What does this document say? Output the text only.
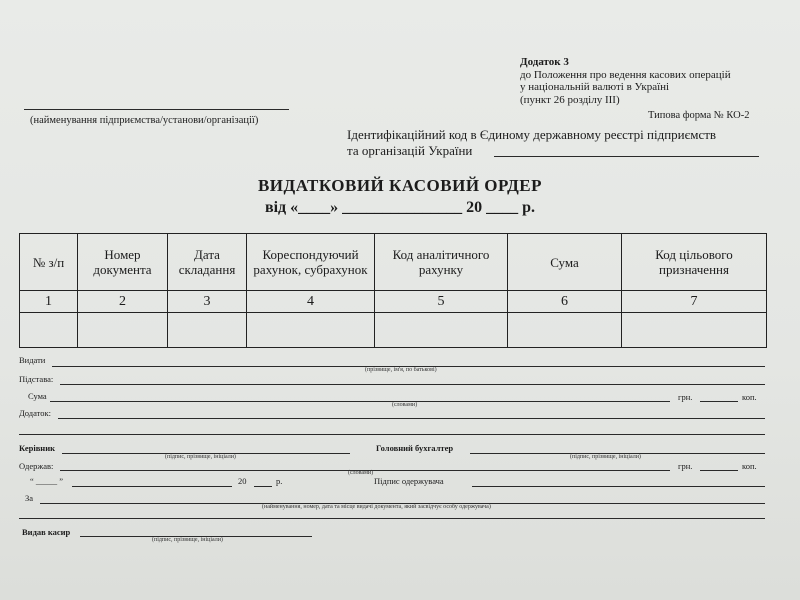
Додаток 3
до Положення про ведення касових операцій
у національній валюті в Україні
(пункт 26 розділу ІІІ)
(найменування підприємства/установи/організації)	Типова форма № КО-2
Ідентифікаційний код в Єдиному державному реєстрі підприємств
та організацій України
ВИДАТКОВИЙ КАСОВИЙ ОРДЕР
від «____» _______________ 20 ____ р.
№ з/п	Номер документа	Дата складання	Кореспондуючий рахунок, субрахунок	Код аналітичного рахунку	Сума	Код цільового призначення
1	2	3	4	5	6	7

Видати
(прізвище, ім'я, по батькові)
Підстава:
Сума
(словами)
грн.	коп.
Додаток:
Керівник
(підпис, прізвище, ініціали)
Головний бухгалтер
(підпис, прізвище, ініціали)
Одержав:
(словами)
грн.	коп.
“ _____ ”	20	р.	Підпис одержувача
За
(найменування, номер, дата та місце видачі документа, який засвідчує особу одержувача)
Видав касир
(підпис, прізвище, ініціали)
